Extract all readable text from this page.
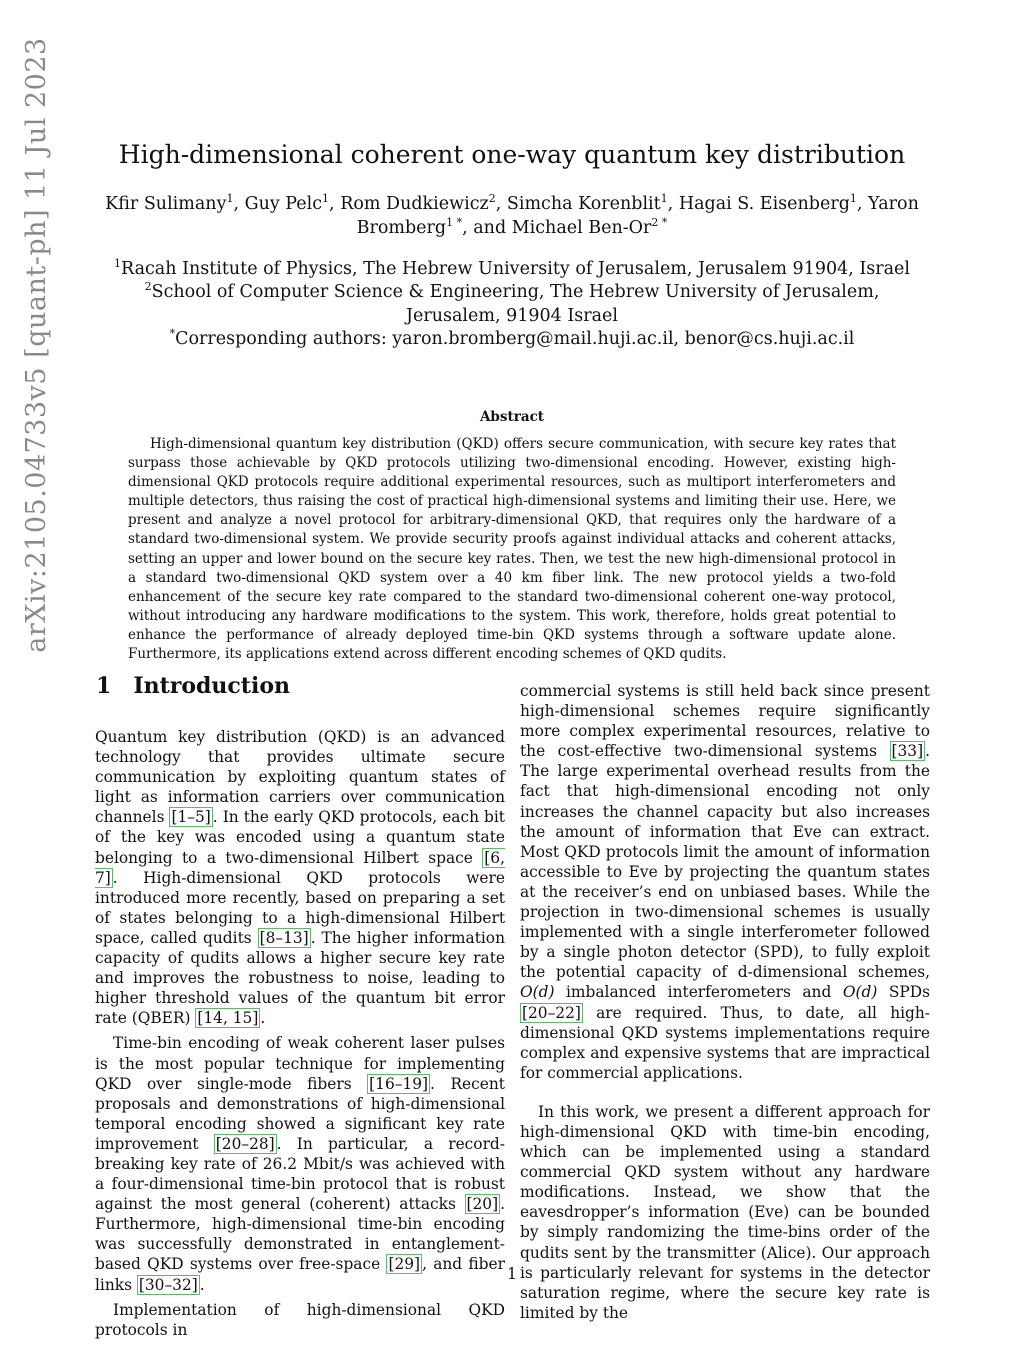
arXiv:2105.04733v5 [quant-ph] 11 Jul 2023	High-dimensional coherent one-way quantum key distribution
Kfir Sulimany$^1$, Guy Pelc$^1$, Rom Dudkiewicz$^2$, Simcha Korenblit$^1$, Hagai S. Eisenberg$^1$, Yaron Bromberg$^{1 *}$, and Michael Ben-$Or^{2 *}$
$^1$Racah Institute of Physics, The Hebrew University of Jerusalem, Jerusalem 91904, Israel
$^2$School of Computer Science & Engineering, The Hebrew University of Jerusalem, Jerusalem, 91904 Israel
*Corresponding authors: yaron.bromberg@mail.huji.ac.il, benor@cs.huji.ac.il
Abstract
High-dimensional quantum key distribution (QKD) offers secure communication, with secure key rates that surpass those achievable by QKD protocols utilizing two-dimensional encoding. However, existing high-dimensional QKD protocols require additional experimental resources, such as multiport interferometers and multiple detectors, thus raising the cost of practical high-dimensional systems and limiting their use. Here, we present and analyze a novel protocol for arbitrary-dimensional QKD, that requires only the hardware of a standard two-dimensional system. We provide security proofs against individual attacks and coherent attacks, setting an upper and lower bound on the secure key rates. Then, we test the new high-dimensional protocol in a standard two-dimensional QKD system over a 40 km fiber link. The new protocol yields a two-fold enhancement of the secure key rate compared to the standard two-dimensional coherent one-way protocol, without introducing any hardware modifications to the system. This work, therefore, holds great potential to enhance the performance of already deployed time-bin QKD systems through a software update alone. Furthermore, its applications extend across different encoding schemes of QKD qudits.
1 Introduction

Quantum key distribution (QKD) is an advanced technology that provides ultimate secure communication by exploiting quantum states of light as information carriers over communication channels [1–5] . In the early QKD protocols, each bit of the key was encoded using a quantum state belonging to a two-dimensional Hilbert space [6, 7] . High-dimensional QKD protocols were introduced more recently, based on preparing a set of states belonging to a high-dimensional Hilbert space, called qudits [8–13] . The higher information capacity of qudits allows a higher secure key rate and improves the robustness to noise, leading to higher threshold values of the quantum bit error rate (QBER) [14, 15] .

Time-bin encoding of weak coherent laser pulses is the most popular technique for implementing QKD over single-mode fibers [16–19] . Recent proposals and demonstrations of high-dimensional temporal encoding showed a significant key rate improvement [20–28] . In particular, a record-breaking key rate of 26.2 Mbit/s was achieved with a four-dimensional time-bin protocol that is robust against the most general (coherent) attacks [20] . Furthermore, high-dimensional time-bin encoding was successfully demonstrated in entanglement-based QKD systems over free-space [29] , and fiber links [30–32] .

Implementation of high-dimensional QKD protocols in

commercial systems is still held back since present high-dimensional schemes require significantly more complex experimental resources, relative to the cost-effective two-dimensional systems [33] . The large experimental overhead results from the fact that high-dimensional encoding not only increases the channel capacity but also increases the amount of information that Eve can extract. Most QKD protocols limit the amount of information accessible to Eve by projecting the quantum states at the receiver’s end on unbiased bases. While the projection in two-dimensional schemes is usually implemented with a single interferometer followed by a single photon detector (SPD), to fully exploit the potential capacity of d-dimensional schemes, O(d) imbalanced interferometers and O(d) SPDs [20–22] are required. Thus, to date, all high-dimensional QKD systems implementations require complex and expensive systems that are impractical for commercial applications.

In this work, we present a different approach for high-dimensional QKD with time-bin encoding, which can be implemented using a standard commercial QKD system without any hardware modifications. Instead, we show that the eavesdropper’s information (Eve) can be bounded by simply randomizing the time-bins order of the qudits sent by the transmitter (Alice). Our approach is particularly relevant for systems in the detector saturation regime, where the secure key rate is limited by the

1
